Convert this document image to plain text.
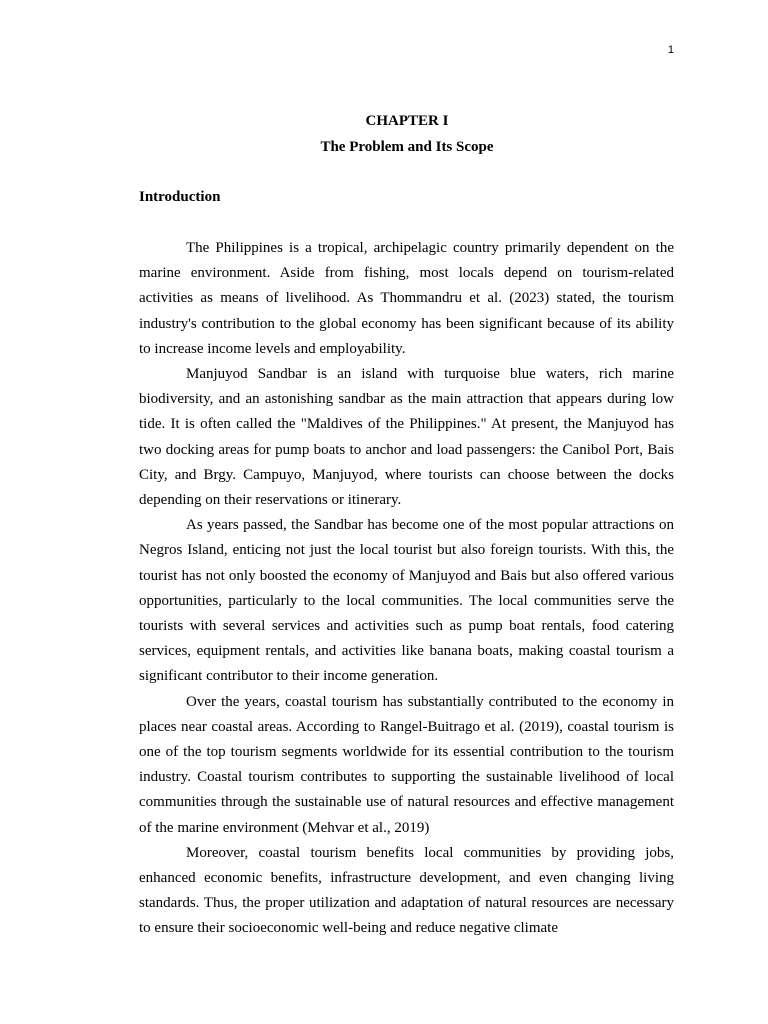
1
CHAPTER I
The Problem and Its Scope
Introduction

The Philippines is a tropical, archipelagic country primarily dependent on the marine environment. Aside from fishing, most locals depend on tourism-related activities as means of livelihood. As Thommandru et al. (2023) stated, the tourism industry's contribution to the global economy has been significant because of its ability to increase income levels and employability.

Manjuyod Sandbar is an island with turquoise blue waters, rich marine biodiversity, and an astonishing sandbar as the main attraction that appears during low tide. It is often called the "Maldives of the Philippines." At present, the Manjuyod has two docking areas for pump boats to anchor and load passengers: the Canibol Port, Bais City, and Brgy. Campuyo, Manjuyod, where tourists can choose between the docks depending on their reservations or itinerary.

As years passed, the Sandbar has become one of the most popular attractions on Negros Island, enticing not just the local tourist but also foreign tourists. With this, the tourist has not only boosted the economy of Manjuyod and Bais but also offered various opportunities, particularly to the local communities. The local communities serve the tourists with several services and activities such as pump boat rentals, food catering services, equipment rentals, and activities like banana boats, making coastal tourism a significant contributor to their income generation.

Over the years, coastal tourism has substantially contributed to the economy in places near coastal areas. According to Rangel-Buitrago et al. (2019), coastal tourism is one of the top tourism segments worldwide for its essential contribution to the tourism industry. Coastal tourism contributes to supporting the sustainable livelihood of local communities through the sustainable use of natural resources and effective management of the marine environment (Mehvar et al., 2019)

Moreover, coastal tourism benefits local communities by providing jobs, enhanced economic benefits, infrastructure development, and even changing living standards. Thus, the proper utilization and adaptation of natural resources are necessary to ensure their socioeconomic well-being and reduce negative climate
